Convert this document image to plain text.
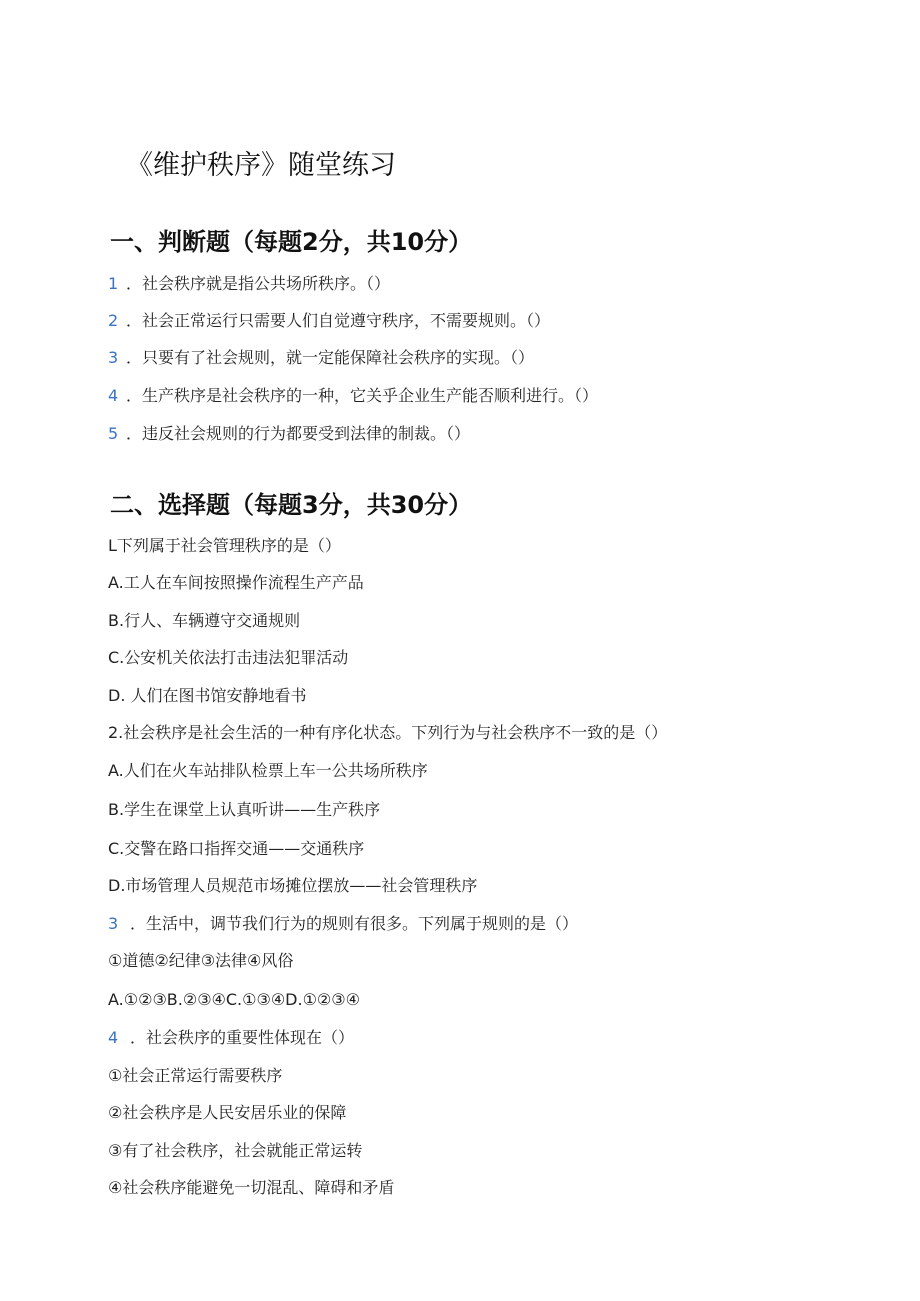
《维护秩序》随堂练习
一、判断题（每题2分，共10分）
1 ．社会秩序就是指公共场所秩序。（）
2 ．社会正常运行只需要人们自觉遵守秩序，不需要规则。（）
3 ．只要有了社会规则，就一定能保障社会秩序的实现。（）
4 ．生产秩序是社会秩序的一种，它关乎企业生产能否顺利进行。（）
5 ．违反社会规则的行为都要受到法律的制裁。（）
二、选择题（每题3分，共30分）
L下列属于社会管理秩序的是（）
A.工人在车间按照操作流程生产产品
B.行人、车辆遵守交通规则
C.公安机关依法打击违法犯罪活动
D. 人们在图书馆安静地看书
2.社会秩序是社会生活的一种有序化状态。下列行为与社会秩序不一致的是（）
A.人们在火车站排队检票上车一公共场所秩序
B.学生在课堂上认真听讲——生产秩序
C.交警在路口指挥交通——交通秩序
D.市场管理人员规范市场摊位摆放——社会管理秩序
3 ．生活中，调节我们行为的规则有很多。下列属于规则的是（）
①道德②纪律③法律④风俗
A.①②③B.②③④C.①③④D.①②③④
4 ．社会秩序的重要性体现在（）
①社会正常运行需要秩序
②社会秩序是人民安居乐业的保障
③有了社会秩序，社会就能正常运转
④社会秩序能避免一切混乱、障碍和矛盾
